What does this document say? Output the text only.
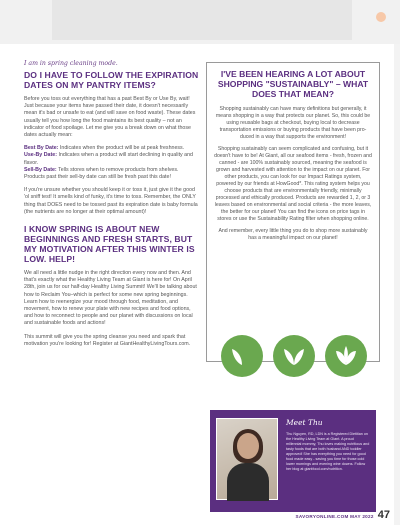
I am in spring cleaning mode.
DO I HAVE TO FOLLOW THE EXPIRATION DATES ON MY PANTRY ITEMS?

Before you toss out everything that has a past Best By or Use By, wait! Just because your items have passed their date, it doesn't necessarily mean it's bad or unsafe to eat (and will save on food waste). These dates usually tell you how long the food maintains its best quality – not an indicator of food spoilage. Let me give you a break down on what those dates actually mean:

Best By Date: Indicates when the product will be at peak freshness.

Use-By Date: Indicates when a product will start declining in quality and flavor.

Sell-By Date: Tells stores when to remove products from shelves. Products past their sell-by date can still be fresh past this date!

If you're unsure whether you should keep it or toss it, just give it the good 'ol sniff test! It smells kind of funky, it's time to toss. Remember, the ONLY thing that DOES need to be tossed past its expiration date is baby formula (the nutrients are no longer at their optimal amount)!

I KNOW SPRING IS ABOUT NEW BEGINNINGS AND FRESH STARTS, BUT MY MOTIVATION AFTER THIS WINTER IS LOW. HELP!

We all need a little nudge in the right direction every now and then. And that's exactly what the Healthy Living Team at Giant is here for! On April 28th, join us for our half-day Healthy Living Summit! We'll be talking about how to Reclaim You–which is perfect for some new spring beginnings. Learn how to reenergize your mood through food, meditation, and movement, how to renew your plate with new recipes and food options, and how to reconnect to people and our planet with discussions on local and sustainable foods and actions!

This summit will give you the spring cleanse you need and spark that motivation you're looking for! Register at GiantHealthyLivingTours.com.

I'VE BEEN HEARING A LOT ABOUT SHOPPING "SUSTAINABLY" – WHAT DOES THAT MEAN?

Shopping sustainably can have many definitions but generally, it means shopping in a way that protects our planet. So, this could be using reusable bags at checkout, buying local to decrease transportation emissions or buying products that have been pro-duced in a way that supports the environment!

Shopping sustainably can seem complicated and confusing, but it doesn't have to be! At Giant, all our seafood items - fresh, frozen and canned - are 100% sustainably sourced, meaning the seafood is grown and harvested with attention to the impact on our planet. For other products, you can look for our Impact Ratings system, powered by our friends at HowGood*. This rating system helps you choose products that are environmentally friendly, minimally processed and ethically produced. Products are rewarded 1, 2, or 3 leaves based on environmental and social criteria - the more leaves, the better for our planet! You can find the icons on price tags in stores or use the Sustainability Rating filter when shopping online.

And remember, every little thing you do to shop more sustainably has a meaningful impact on our planet!

Meet Thu
Thu Nguyen, RD, LDN is a Registered Dietitian on the Healthy Living Team at Giant. A proud millennial mommy, Thu loves making nutritious and tasty foods that are both husband AND toddler approved! She has everything you need for good food made easy - saving you time for those cold lower mornings and evening wine downs. Follow her blog at giantfood.com/nutrition.
SAVORYONLINE.COM MAY 2022 47
